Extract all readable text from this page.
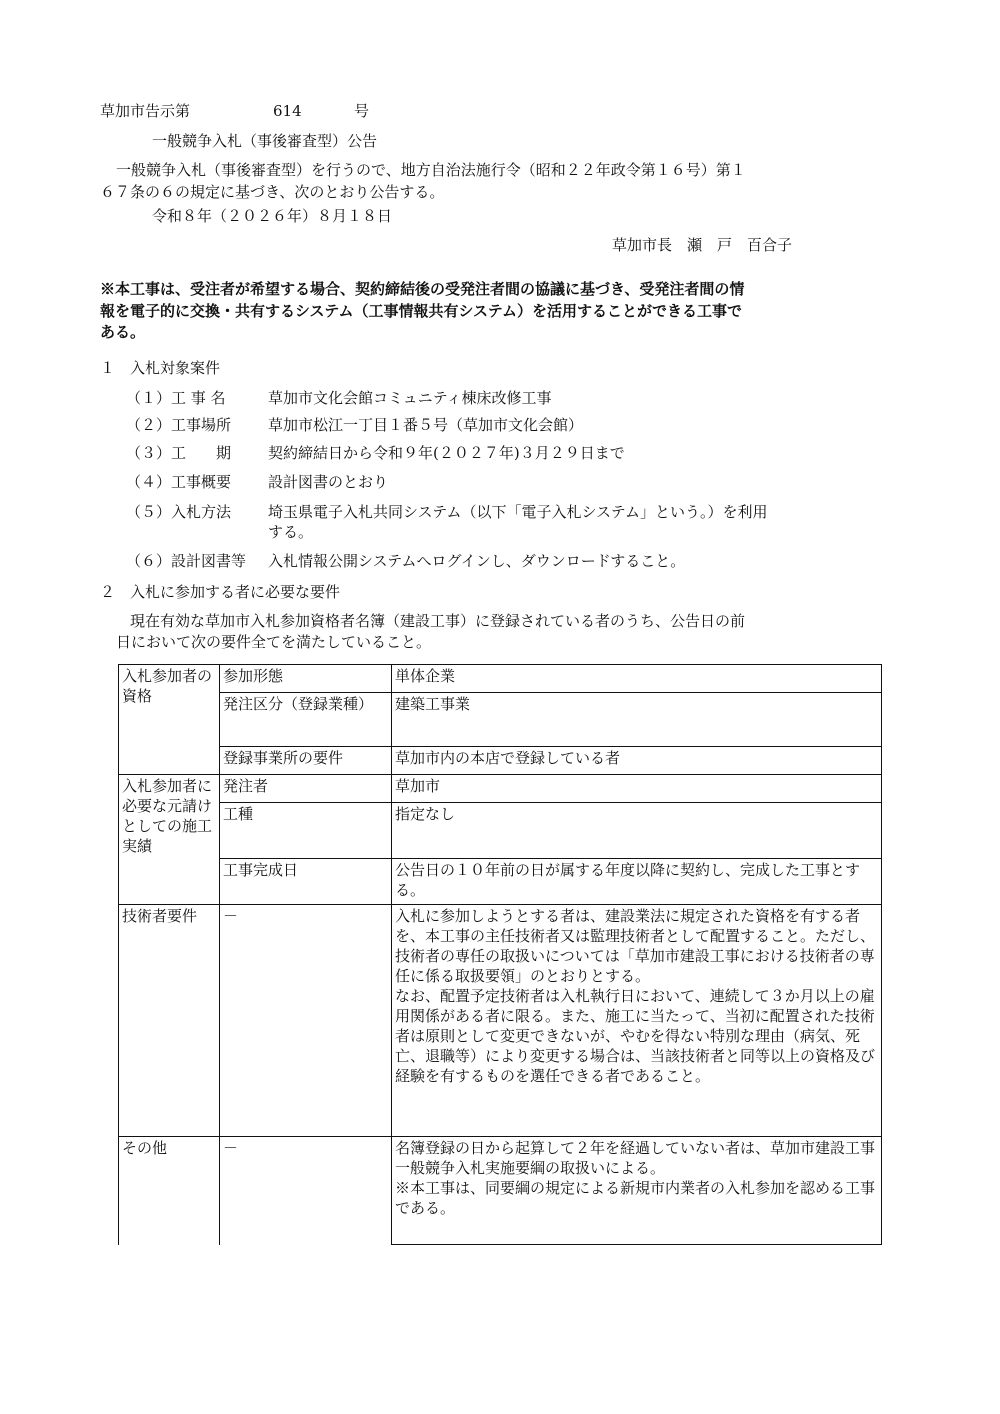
草加市告示第	614	号
一般競争入札（事後審査型）公告
一般競争入札（事後審査型）を行うので、地方自治法施行令（昭和２２年政令第１６号）第１
６７条の６の規定に基づき、次のとおり公告する。
令和８年（２０２６年）８月１８日
草加市長　瀬　戸　百合子
※本工事は、受注者が希望する場合、契約締結後の受発注者間の協議に基づき、受発注者間の情
報を電子的に交換・共有するシステム（工事情報共有システム）を活用することができる工事で
ある。
１　入札対象案件
（１）工 事 名	草加市文化会館コミュニティ棟床改修工事
（２）工事場所 草加市松江一丁目１番５号（草加市文化会館）
（３）工　　期 契約締結日から令和９年(２０２７年)３月２９日まで
（４）工事概要 設計図書のとおり
（５）入札方法 埼玉県電子入札共同システム（以下「電子入札システム」という。）を利用
する。
（６）設計図書等 入札情報公開システムへログインし、ダウンロードすること。
２　入札に参加する者に必要な要件
現在有効な草加市入札参加資格者名簿（建設工事）に登録されている者のうち、公告日の前
日において次の要件全てを満たしていること。
入札参加者の資格	参加形態	単体企業
	発注区分（登録業種）	建築工事業
	登録事業所の要件	草加市内の本店で登録している者
入札参加者に必要な元請けとしての施工実績	発注者	草加市
	工種	指定なし
	工事完成日	公告日の１０年前の日が属する年度以降に契約し、完成した工事とする。
技術者要件	－	入札に参加しようとする者は、建設業法に規定された資格を有する者を、本工事の主任技術者又は監理技術者として配置すること。ただし、技術者の専任の取扱いについては「草加市建設工事における技術者の専任に係る取扱要領」のとおりとする。
なお、配置予定技術者は入札執行日において、連続して３か月以上の雇用関係がある者に限る。また、施工に当たって、当初に配置された技術者は原則として変更できないが、やむを得ない特別な理由（病気、死亡、退職等）により変更する場合は、当該技術者と同等以上の資格及び経験を有するものを選任できる者であること。

その他	－	名簿登録の日から起算して２年を経過していない者は、草加市建設工事一般競争入札実施要綱の取扱いによる。
※本工事は、同要綱の規定による新規市内業者の入札参加を認める工事である。
